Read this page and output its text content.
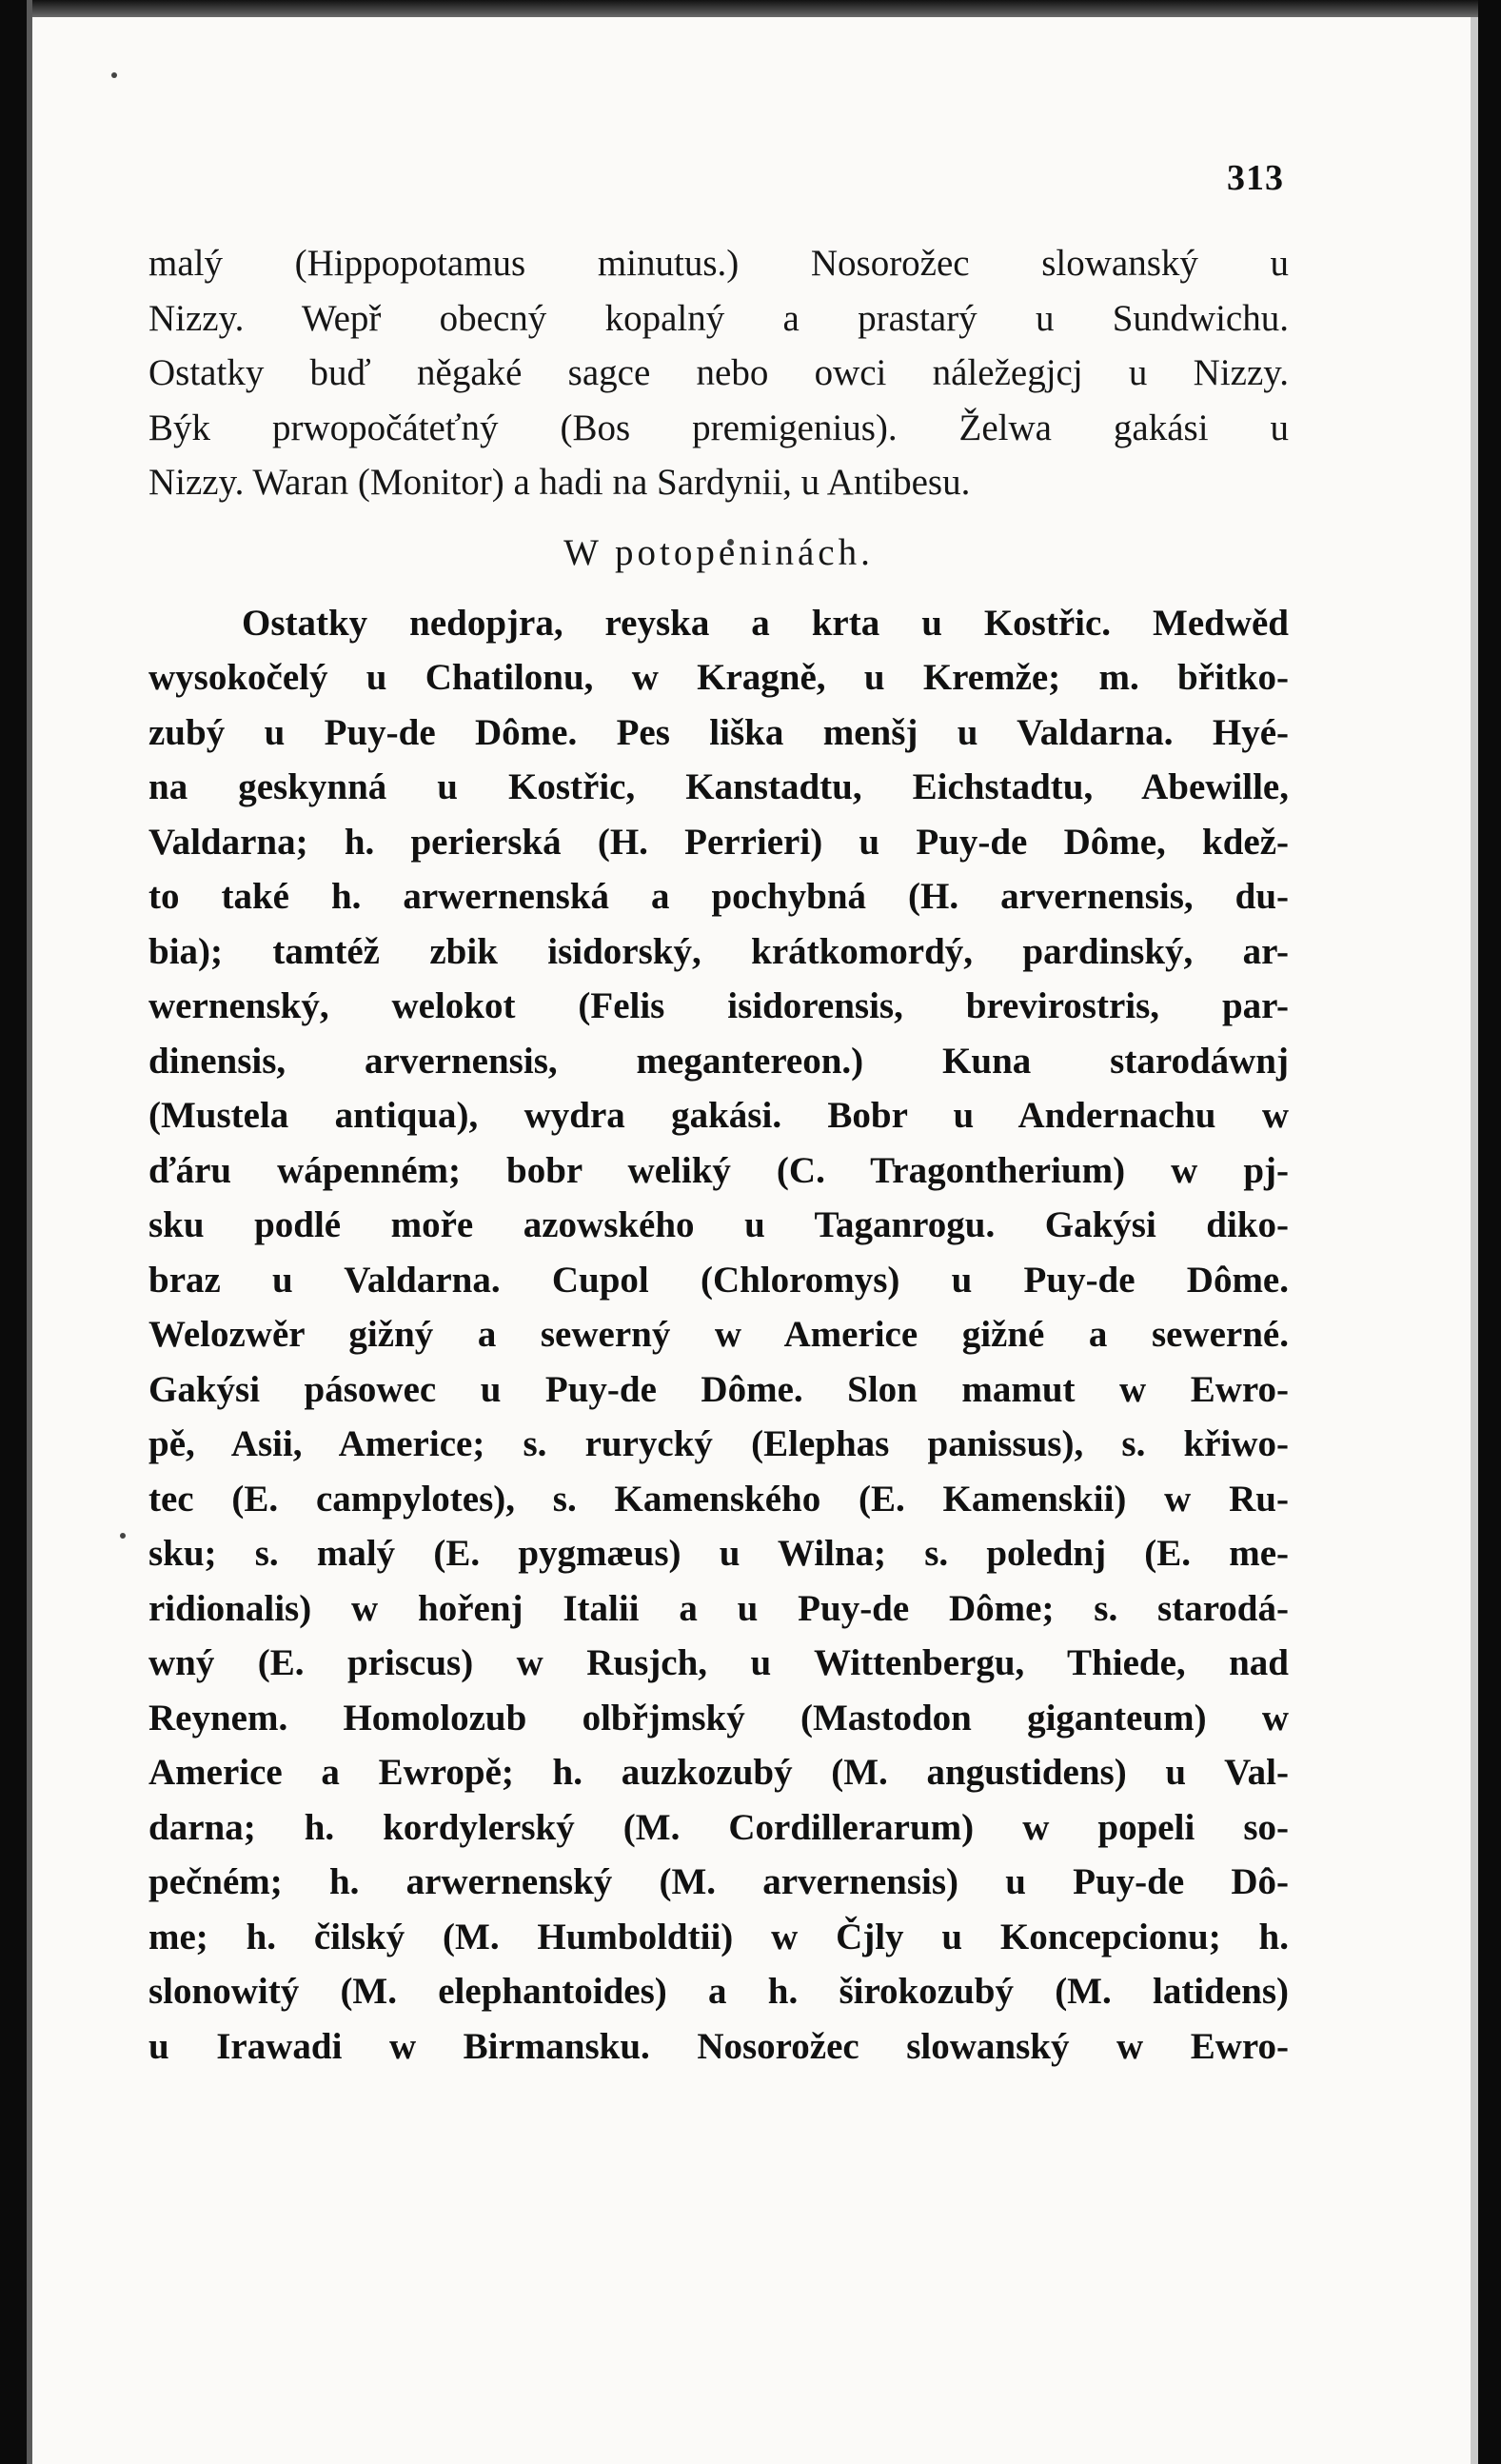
313
malý (Hippopotamus minutus.) Nosorožec slowanský u
Nizzy. Wepř obecný kopalný a prastarý u Sundwichu.
Ostatky buď něgaké sagce nebo owci náležegjcj u Nizzy.
Býk prwopočáteťný (Bos premigenius). Želwa gakási u
Nizzy. Waran (Monitor) a hadi na Sardynii, u Antibesu.
W potopeninách.
Ostatky nedopjra, reyska a krta u Kostřic. Medwěd
wysokočelý u Chatilonu, w Kragně, u Kremže; m. břitko-
zubý u Puy-de Dôme. Pes liška menšj u Valdarna. Hyé-
na geskynná u Kostřic, Kanstadtu, Eichstadtu, Abewille,
Valdarna; h. perierská (H. Perrieri) u Puy-de Dôme, kdež-
to také h. arwernenská a pochybná (H. arvernensis, du-
bia); tamtéž zbik isidorský, krátkomordý, pardinský, ar-
wernenský, welokot (Felis isidorensis, brevirostris, par-
dinensis, arvernensis, megantereon.) Kuna starodáwnj
(Mustela antiqua), wydra gakási. Bobr u Andernachu w
ďáru wápenném; bobr weliký (C. Tragontherium) w pj-
sku podlé moře azowského u Taganrogu. Gakýsi diko-
braz u Valdarna. Cupol (Chloromys) u Puy-de Dôme.
Welozwěr gižný a sewerný w Americe gižné a sewerné.
Gakýsi pásowec u Puy-de Dôme. Slon mamut w Ewro-
pě, Asii, Americe; s. rurycký (Elephas panissus), s. křiwo-
tec (E. campylotes), s. Kamenského (E. Kamenskii) w Ru-
sku; s. malý (E. pygmæus) u Wilna; s. polednj (E. me-
ridionalis) w hořenj Italii a u Puy-de Dôme; s. starodá-
wný (E. priscus) w Rusjch, u Wittenbergu, Thiede, nad
Reynem. Homolozub olbřjmský (Mastodon giganteum) w
Americe a Ewropě; h. auzkozubý (M. angustidens) u Val-
darna; h. kordylerský (M. Cordillerarum) w popeli so-
pečném; h. arwernenský (M. arvernensis) u Puy-de Dô-
me; h. čilský (M. Humboldtii) w Čjly u Koncepcionu; h.
slonowitý (M. elephantoides) a h. širokozubý (M. latidens)
u Irawadi w Birmansku. Nosorožec slowanský w Ewro-
